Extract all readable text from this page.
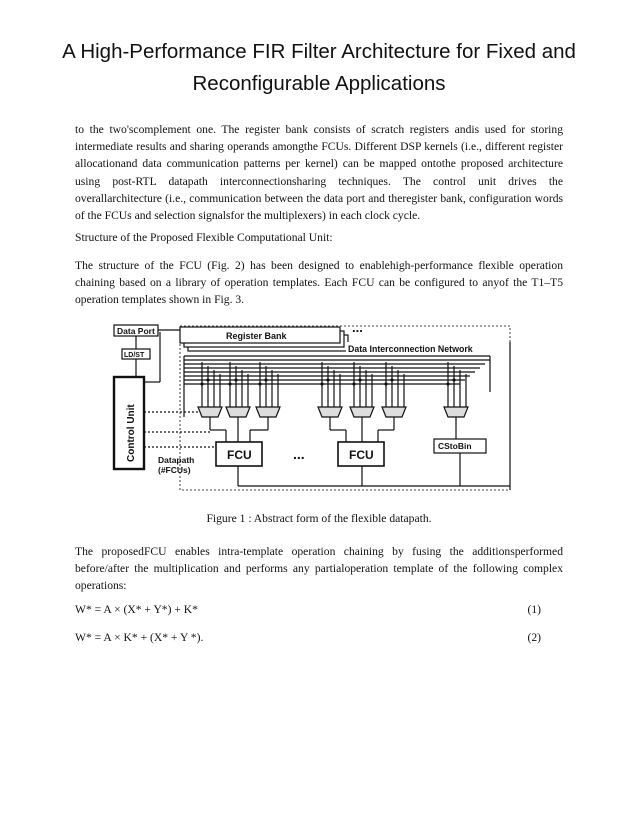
A High-Performance FIR Filter Architecture for Fixed and Reconfigurable Applications

to the two'scomplement one. The register bank consists of scratch registers andis used for storing intermediate results and sharing operands amongthe FCUs. Different DSP kernels (i.e., different register allocationand data communication patterns per kernel) can be mapped ontothe proposed architecture using post-RTL datapath interconnectionsharing techniques. The control unit drives the overallarchitecture (i.e., communication between the data port and theregister bank, configuration words of the FCUs and selection signalsfor the multiplexers) in each clock cycle.

Structure of the Proposed Flexible Computational Unit:

The structure of the FCU (Fig. 2) has been designed to enablehigh-performance flexible operation chaining based on a library of operation templates. Each FCU can be configured to anyof the T1–T5 operation templates shown in Fig. 3.

Data Port
LD/ST
Register Bank
...
Data Interconnection Network
Control Unit	FCU	...	FCU
CStoBin
Datapath
(#FCUs)

Figure 1 : Abstract form of the flexible datapath.

The proposedFCU enables intra-template operation chaining by fusing the additionsperformed before/after the multiplication and performs any partialoperation template of the following complex operations:

W* = A × (X* + Y*) + K*	(1)
W* = A × K* + (X* + Y *).	(2)
